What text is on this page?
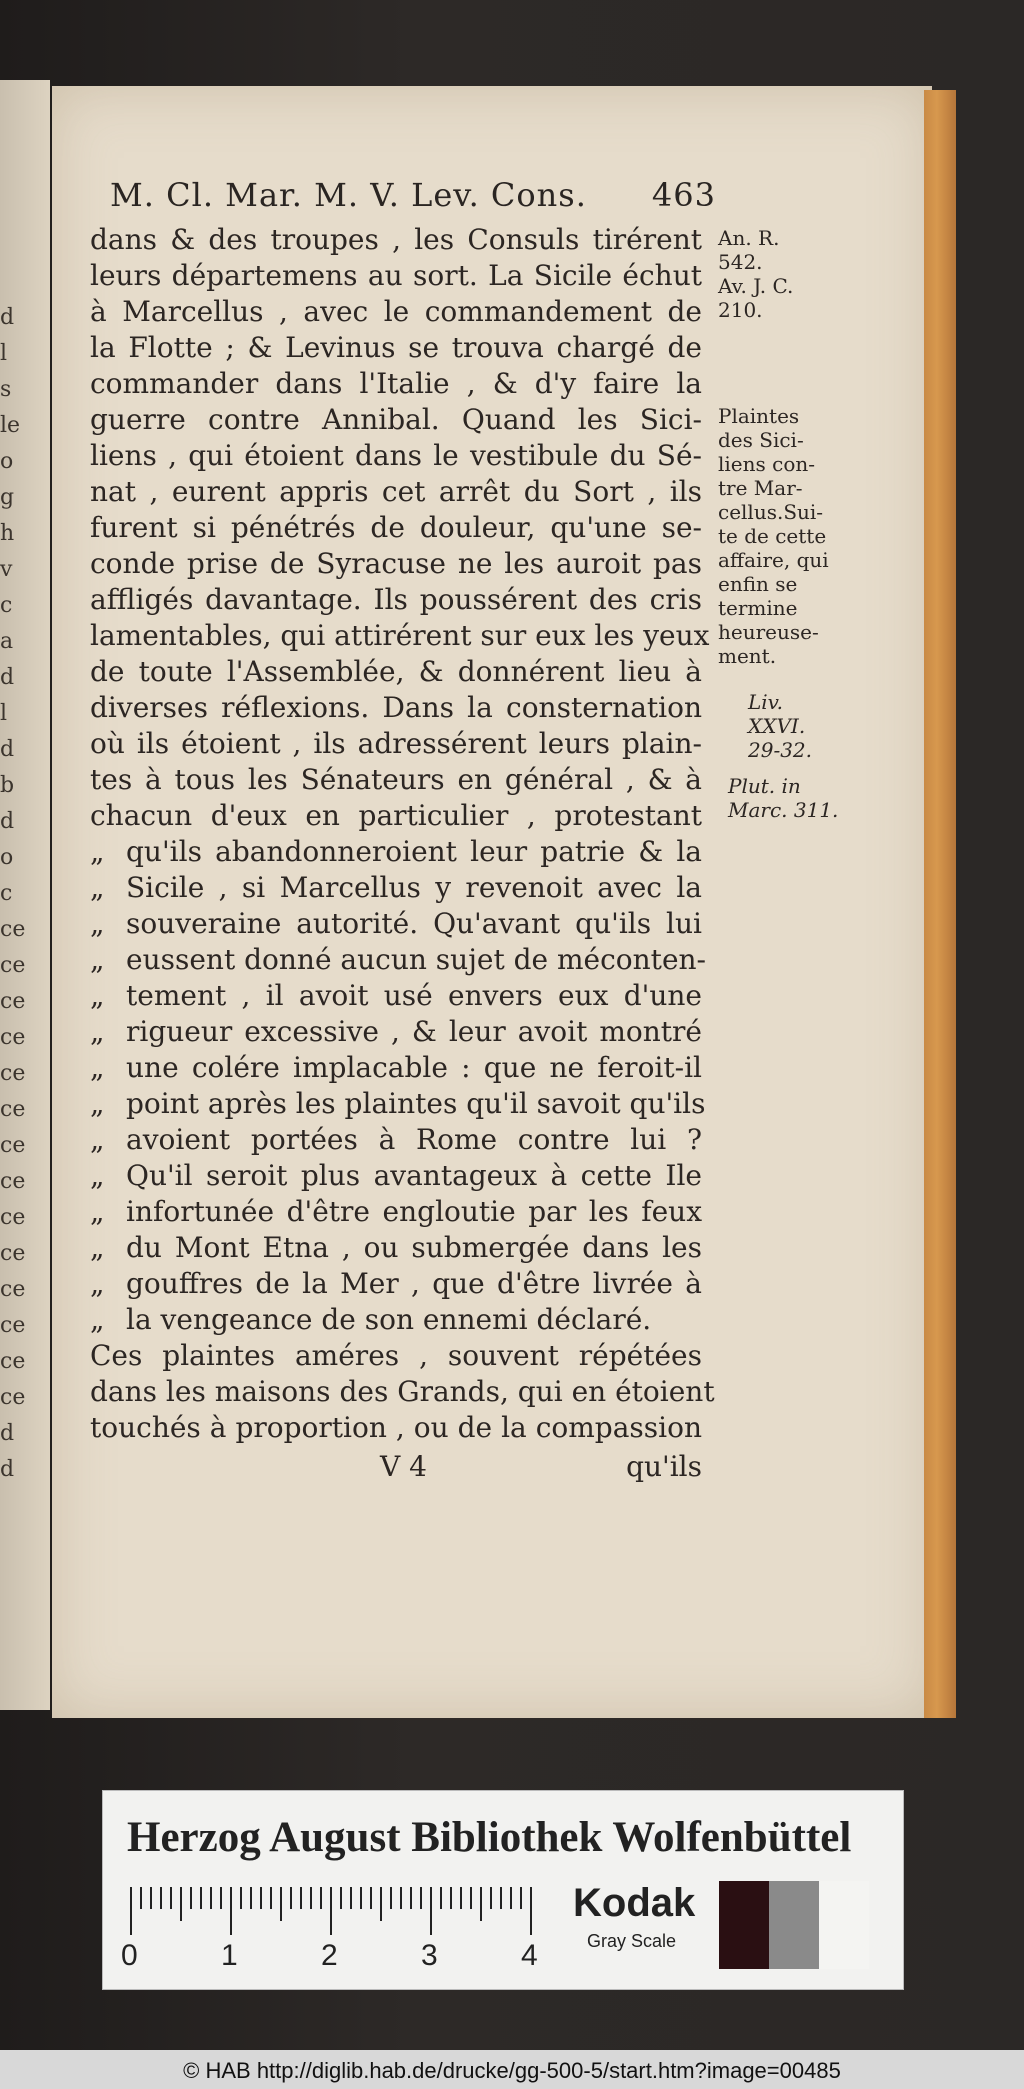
d
l
s
le
o
g
h
v
c
a
d
l
d
b
d
o
c
ce
ce
ce
ce
ce
ce
ce
ce
ce
ce
ce
ce
ce
ce
d
d
M. Cl. Mar. M. V. Lev. Cons. 463
dans & des troupes , les Consuls tirérent
leurs départemens au sort. La Sicile échut
à Marcellus , avec le commandement de
la Flotte ; & Levinus se trouva chargé de
commander dans l'Italie , & d'y faire la
guerre contre Annibal. Quand les Sici-
liens , qui étoient dans le vestibule du Sé-
nat , eurent appris cet arrêt du Sort , ils
furent si pénétrés de douleur, qu'une se-
conde prise de Syracuse ne les auroit pas
affligés davantage. Ils poussérent des cris
lamentables, qui attirérent sur eux les yeux
de toute l'Assemblée, & donnérent lieu à
diverses réflexions. Dans la consternation
où ils étoient , ils adressérent leurs plain-
tes à tous les Sénateurs en général , & à
chacun d'eux en particulier , protestant
„ qu'ils abandonneroient leur patrie & la
„ Sicile , si Marcellus y revenoit avec la
„ souveraine autorité. Qu'avant qu'ils lui
„ eussent donné aucun sujet de méconten-
„ tement , il avoit usé envers eux d'une
„ rigueur excessive , & leur avoit montré
„ une colére implacable : que ne feroit-il
„ point après les plaintes qu'il savoit qu'ils
„ avoient portées à Rome contre lui ?
„ Qu'il seroit plus avantageux à cette Ile
„ infortunée d'être engloutie par les feux
„ du Mont Etna , ou submergée dans les
„ gouffres de la Mer , que d'être livrée à
„ la vengeance de son ennemi déclaré.
Ces plaintes améres , souvent répétées
dans les maisons des Grands, qui en étoient
touchés à proportion , ou de la compassion
An. R.
542.
Av. J. C.
210.
Plaintes
des Sici-
liens con-
tre Mar-
cellus.Sui-
te de cette
affaire, qui
enfin se
termine
heureuse-
ment.
Liv.
XXVI.
29-32.
Plut. in
Marc. 311.
V 4	qu'ils
Herzog August Bibliothek Wolfenbüttel
0	1	2	3	4
Kodak
Gray Scale
© HAB http://diglib.hab.de/drucke/gg-500-5/start.htm?image=00485
